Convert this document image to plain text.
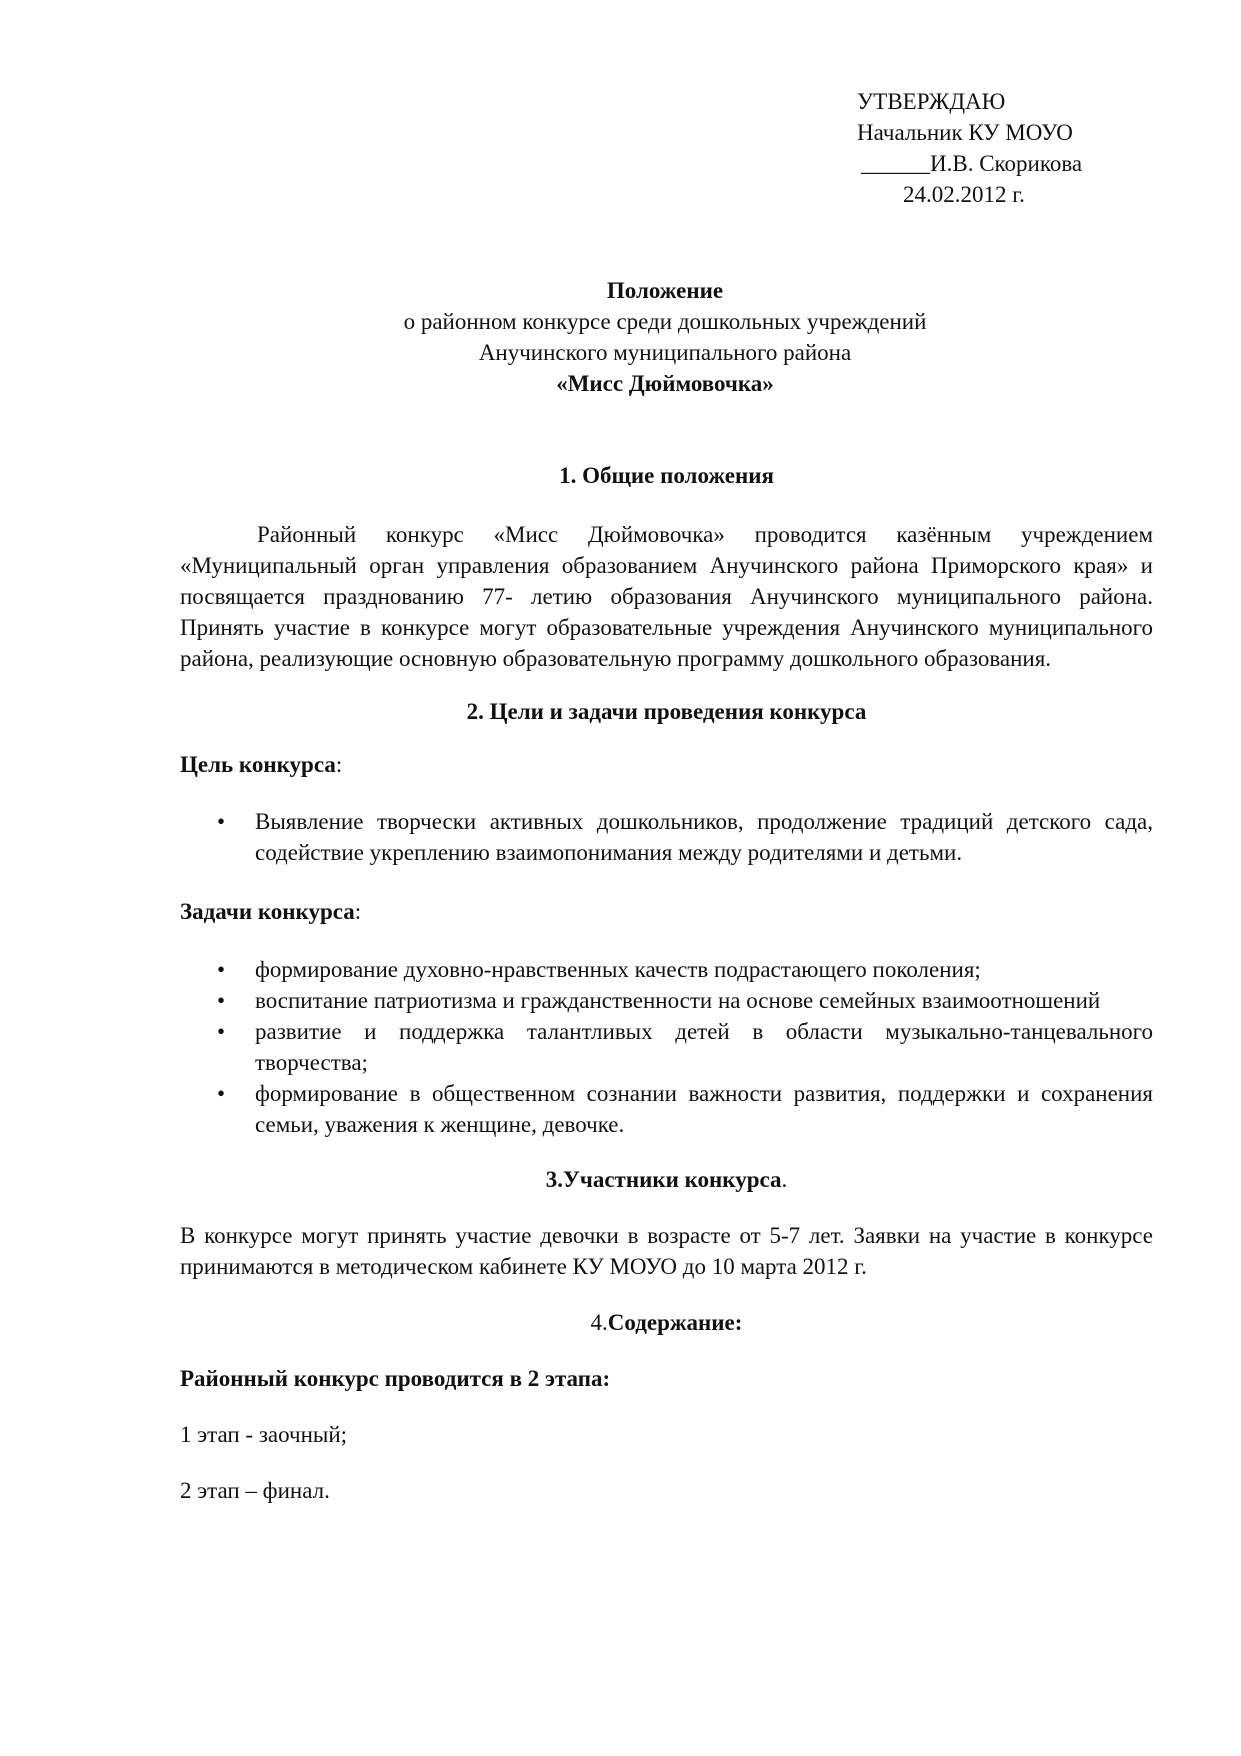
УТВЕРЖДАЮ
Начальник КУ МОУО
______И.В. Скорикова
24.02.2012 г.
Положение
о районном конкурсе среди дошкольных учреждений
Анучинского муниципального района
«Мисс Дюймовочка»
1. Общие положения

Районный конкурс «Мисс Дюймовочка» проводится казённым учреждением «Муниципальный орган управления образованием Анучинского района Приморского края» и посвящается празднованию 77- летию образования Анучинского муниципального района. Принять участие в конкурсе могут образовательные учреждения Анучинского муниципального района, реализующие основную образовательную программу дошкольного образования.

2. Цели и задачи проведения конкурса

Цель конкурса:

• Выявление творчески активных дошкольников, продолжение традиций детского сада, содействие укреплению взаимопонимания между родителями и детьми.

Задачи конкурса:

• формирование духовно-нравственных качеств подрастающего поколения;
• воспитание патриотизма и гражданственности на основе семейных взаимоотношений
• развитие и поддержка талантливых детей в области музыкально-танцевального творчества;
• формирование в общественном сознании важности развития, поддержки и сохранения семьи, уважения к женщине, девочке.
3.Участники конкурса.

В конкурсе могут принять участие девочки в возрасте от 5-7 лет. Заявки на участие в конкурсе принимаются в методическом кабинете КУ МОУО до 10 марта 2012 г.

4.Содержание:

Районный конкурс проводится в 2 этапа:

1 этап - заочный;

2 этап – финал.
